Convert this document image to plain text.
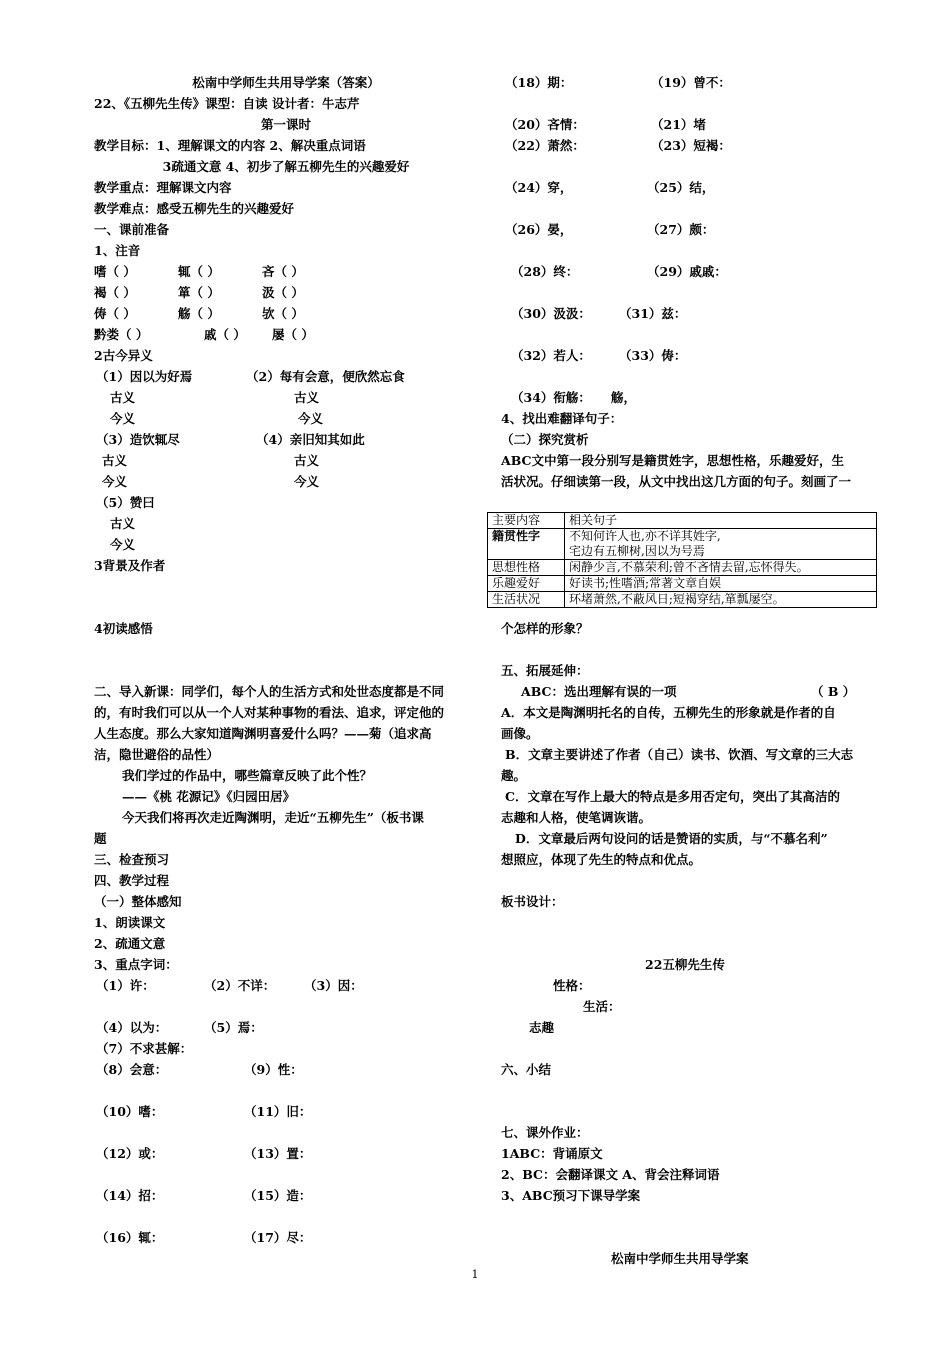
松南中学师生共用导学案（答案）
22、《五柳先生传》课型：自读 设计者：牛志芹
第一课时
教学目标：1、理解课文的内容 2、解决重点词语
3疏通文意 4、初步了解五柳先生的兴趣爱好
教学重点：理解课文内容
教学难点：感受五柳先生的兴趣爱好
一、课前准备
1、注音
嗜（ ）	辄（ ）	吝（ ）
褐（ ）	箪（ ）	汲（ ）
俦（ ）	觞（ ）	欤（ ）
黔娄（ ）	戚（ ） 屡（ ）
2古今异义
（1）因以为好焉	（2）每有会意，便欣然忘食
古义	古义
今义	今义
（3）造饮辄尽	（4）亲旧知其如此
古义	古义
今义	今义
（5）赞曰
古义
今义
3背景及作者
4初读感悟
二、导入新课：同学们，每个人的生活方式和处世态度都是不同
的，有时我们可以从一个人对某种事物的看法、追求，评定他的
人生态度。那么大家知道陶渊明喜爱什么吗？——菊（追求高
洁，隐世避俗的品性）
我们学过的作品中，哪些篇章反映了此个性？
——《桃 花源记》《归园田居》
今天我们将再次走近陶渊明，走近“五柳先生”（板书课
题
三、检查预习
四、教学过程
（一）整体感知
1、朗读课文
2、疏通文意
3、重点字词：
（1）许：	（2）不详： （3）因：
（4）以为：	（5）焉：
（7）不求甚解：
（8）会意：	（9）性：
（10）嗜：	（11）旧：
（12）或：	（13）置：
（14）招：	（15）造：
（16）辄：	（17）尽：
（18）期：	（19）曾不：
（20）吝情：	（21）堵
（22）萧然：	（23）短褐：
（24）穿，	（25）结，
（26）晏，	（27）颇：
（28）终：	（29）戚戚：
（30）汲汲： （31）兹：
（32）若人： （33）俦：
（34）衔觞： 觞，
4、找出难翻译句子：
（二）探究赏析
ABC文中第一段分别写是籍贯姓字，思想性格，乐趣爱好，生
活状况。仔细读第一段，从文中找出这几方面的句子。刻画了一
个怎样的形象？
五、拓展延伸：
ABC：选出理解有误的一项	（ B ）
A．本文是陶渊明托名的自传，五柳先生的形象就是作者的自
画像。
B．文章主要讲述了作者（自己）读书、饮酒、写文章的三大志
趣。
C．文章在写作上最大的特点是多用否定句，突出了其高洁的
志趣和人格，使笔调诙谐。
D．文章最后两句设问的话是赞语的实质，与“不慕名利”
想照应，体现了先生的特点和优点。
板书设计：
22五柳先生传
性格：
生活：
志趣
六、小结
七、课外作业：
1ABC：背诵原文
2、BC：会翻译课文 A、背会注释词语
3、ABC预习下课导学案
松南中学师生共用导学案
主要内容	相关句子
籍贯性字	不知何许人也,亦不详其姓字,
宅边有五柳树,因以为号焉

思想性格	闲静少言,不慕荣利;曾不吝情去留,忘怀得失。
乐趣爱好	好读书;性嗜酒;常著文章自娱
生活状况	环堵萧然,不蔽风日;短褐穿结,箪瓢屡空。
1
